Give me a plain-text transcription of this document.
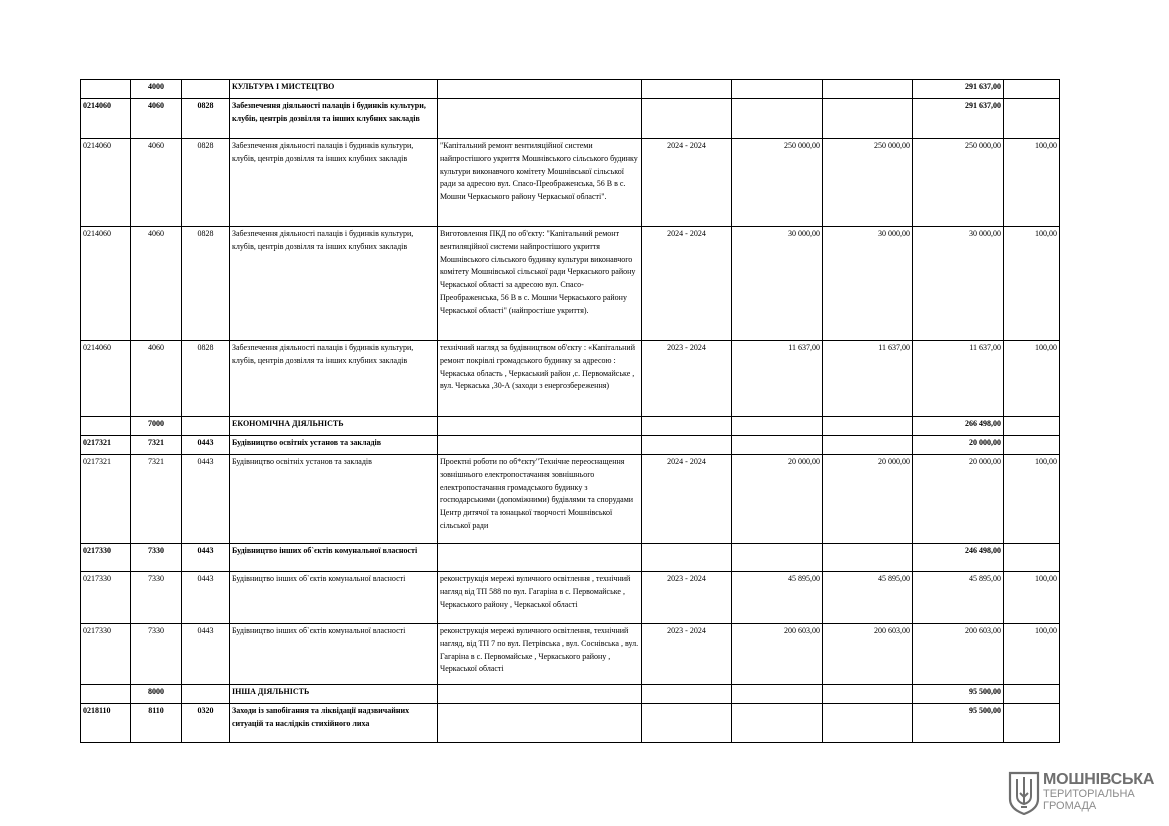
	4000		КУЛЬТУРА І МИСТЕЦТВО					291 637,00	
0214060	4060	0828	Забезпечення діяльності палаців і будинків культури, клубів, центрів дозвілля та інших клубних закладів					291 637,00	
0214060	4060	0828	Забезпечення діяльності палаців і будинків культури, клубів, центрів дозвілля та інших клубних закладів	"Капітальний ремонт вентиляційної системи найпростішого укриття Мошнівського сільського будинку культури виконавчого комітету Мошнівської сільської ради за адресою вул. Спасо-Преображенська, 56 В в с. Мошни Черкаського району Черкаської області".	2024 - 2024	250 000,00	250 000,00	250 000,00	100,00
0214060	4060	0828	Забезпечення діяльності палаців і будинків культури, клубів, центрів дозвілля та інших клубних закладів	Виготовлення ПКД по об'єкту: "Капітальний ремонт вентиляційної системи найпростішого укриття Мошнівського сільського будинку культури виконавчого комітету Мошнівської сільської ради Черкаського району Черкаської області за адресою вул. Спасо-Преображенська, 56 В в с. Мошни Черкаського району Черкаської області" (найпростіше укриття).	2024 - 2024	30 000,00	30 000,00	30 000,00	100,00
0214060	4060	0828	Забезпечення діяльності палаців і будинків культури, клубів, центрів дозвілля та інших клубних закладів	технічний нагляд за будівництвом об'єкту : «Капітальний ремонт покрівлі громадського будинку за адресою : Черкаська область , Черкаський район ,с. Первомайське , вул. Черкаська ,30-А (заходи з енергозбереження)	2023 - 2024	11 637,00	11 637,00	11 637,00	100,00
	7000		ЕКОНОМІЧНА ДІЯЛЬНІСТЬ					266 498,00	
0217321	7321	0443	Будівництво освітніх установ та закладів					20 000,00	
0217321	7321	0443	Будівництво освітніх установ та закладів	Проектні роботи по об*єкту"Технічне переоснащення зовнішнього електропостачання зовнішнього електропостачання громадського будинку з господарськими (допоміжними) будівлями та спорудами Центр дитячої та юнацької творчості Мошнівської сільської ради	2024 - 2024	20 000,00	20 000,00	20 000,00	100,00
0217330	7330	0443	Будівництво інших об`єктів комунальної власності					246 498,00	
0217330	7330	0443	Будівництво інших об`єктів комунальної власності	реконструкція мережі вуличного освітлення , технічний нагляд від ТП 588 по вул. Гагаріна в с. Первомайське , Черкаського району , Черкаської області	2023 - 2024	45 895,00	45 895,00	45 895,00	100,00
0217330	7330	0443	Будівництво інших об`єктів комунальної власності	реконструкція мережі вуличного освітлення, технічний нагляд, від ТП 7 по вул. Петрівська , вул. Соснівська , вул. Гагаріна в с. Первомайське , Черкаського району , Черкаської області	2023 - 2024	200 603,00	200 603,00	200 603,00	100,00
	8000		ІНША ДІЯЛЬНІСТЬ					95 500,00	
0218110	8110	0320	Заходи із запобігання та ліквідації надзвичайних ситуацій та наслідків стихійного лиха					95 500,00	
МОШНІВСЬКА
ТЕРИТОРІАЛЬНА
ГРОМАДА
